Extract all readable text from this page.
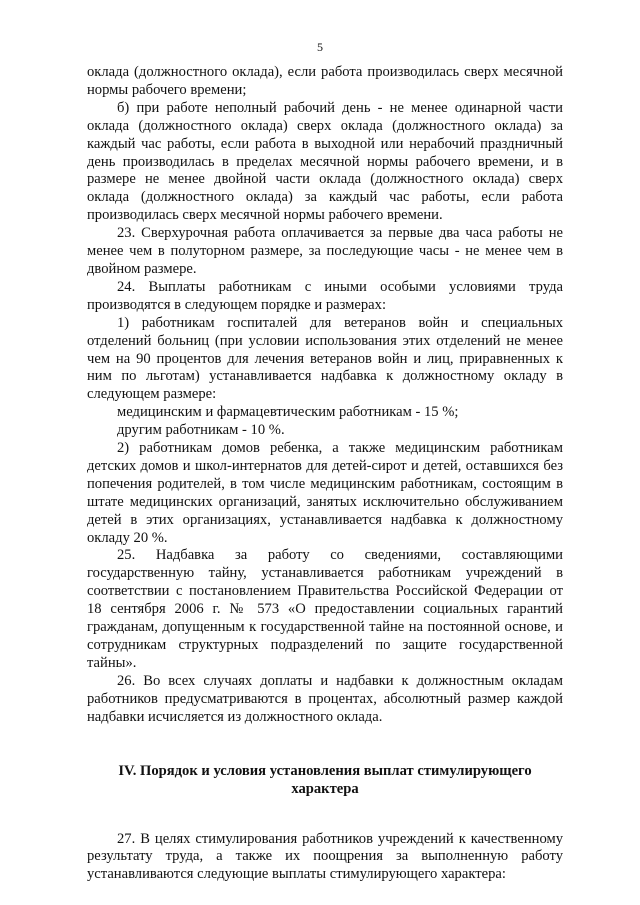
5

оклада (должностного оклада), если работа производилась сверх месячной нормы рабочего времени;

б) при работе неполный рабочий день - не менее одинарной части оклада (должностного оклада) сверх оклада (должностного оклада) за каждый час работы, если работа в выходной или нерабочий праздничный день производилась в пределах месячной нормы рабочего времени, и в размере не менее двойной части оклада (должностного оклада) сверх оклада (должностного оклада) за каждый час работы, если работа производилась сверх месячной нормы рабочего времени.

23. Сверхурочная работа оплачивается за первые два часа работы не менее чем в полуторном размере, за последующие часы - не менее чем в двойном размере.

24. Выплаты работникам с иными особыми условиями труда производятся в следующем порядке и размерах:

1) работникам госпиталей для ветеранов войн и специальных отделений больниц (при условии использования этих отделений не менее чем на 90 процентов для лечения ветеранов войн и лиц, приравненных к ним по льготам) устанавливается надбавка к должностному окладу в следующем размере:

медицинским и фармацевтическим работникам - 15 %;

другим работникам - 10 %.

2) работникам домов ребенка, а также медицинским работникам детских домов и школ-интернатов для детей-сирот и детей, оставшихся без попечения родителей, в том числе медицинским работникам, состоящим в штате медицинских организаций, занятых исключительно обслуживанием детей в этих организациях, устанавливается надбавка к должностному окладу 20 %.

25. Надбавка за работу со сведениями, составляющими государственную тайну, устанавливается работникам учреждений в соответствии с постановлением Правительства Российской Федерации от 18 сентября 2006 г. № 573 «О предоставлении социальных гарантий гражданам, допущенным к государственной тайне на постоянной основе, и сотрудникам структурных подразделений по защите государственной тайны».

26. Во всех случаях доплаты и надбавки к должностным окладам работников предусматриваются в процентах, абсолютный размер каждой надбавки исчисляется из должностного оклада.

IV. Порядок и условия установления выплат стимулирующего
характера

27. В целях стимулирования работников учреждений к качественному результату труда, а также их поощрения за выполненную работу устанавливаются следующие выплаты стимулирующего характера:
